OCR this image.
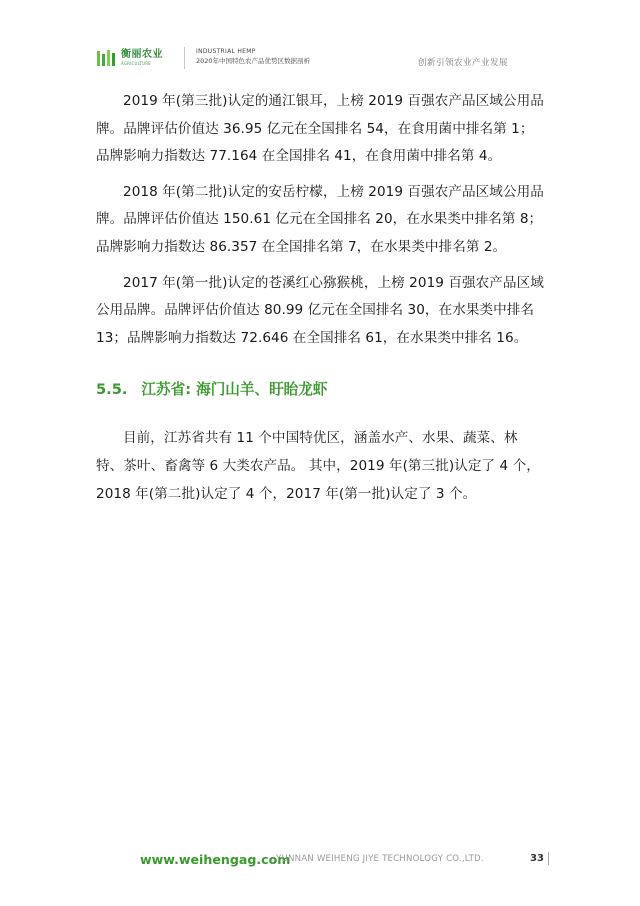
衡丽农业
AGRICULTURE
INDUSTRIAL HEMP
2020年中国特色农产品优势区数据剖析	创新引领农业产业发展

2019 年(第三批)认定的通江银耳，上榜 2019 百强农产品区域公用品牌。品牌评估价值达 36.95 亿元在全国排名 54，在食用菌中排名第 1；品牌影响力指数达 77.164 在全国排名 41，在食用菌中排名第 4。

2018 年(第二批)认定的安岳柠檬，上榜 2019 百强农产品区域公用品牌。品牌评估价值达 150.61 亿元在全国排名 20，在水果类中排名第 8；品牌影响力指数达 86.357 在全国排名第 7，在水果类中排名第 2。

2017 年(第一批)认定的苍溪红心猕猴桃，上榜 2019 百强农产品区域公用品牌。品牌评估价值达 80.99 亿元在全国排名 30，在水果类中排名 13；品牌影响力指数达 72.646 在全国排名 61，在水果类中排名 16。

5.5. 江苏省: 海门山羊、盱眙龙虾

目前，江苏省共有 11 个中国特优区，涵盖水产、水果、蔬菜、林特、茶叶、畜禽等 6 大类农产品。 其中，2019 年(第三批)认定了 4 个，2018 年(第二批)认定了 4 个，2017 年(第一批)认定了 3 个。

www.weihengag.com
YUNNAN WEIHENG JIYE TECHNOLOGY CO.,LTD.	33
